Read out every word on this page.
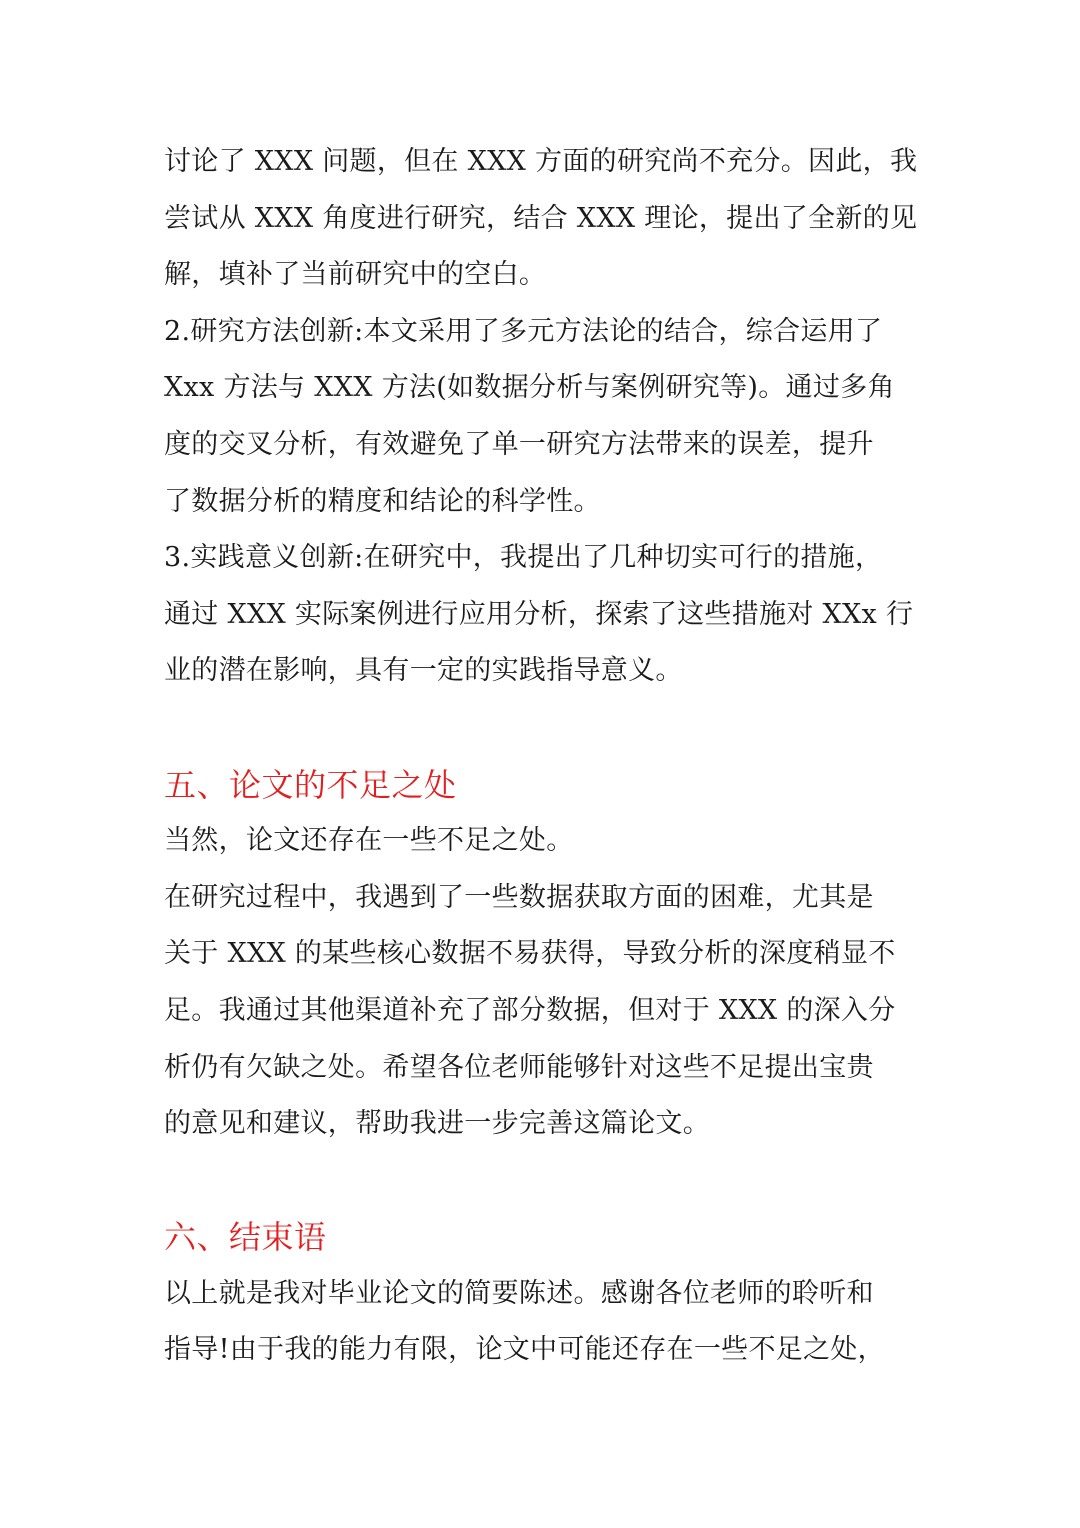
讨论了 XXX 问题，但在 XXX 方面的研究尚不充分。因此，我
尝试从 XXX 角度进行研究，结合 XXX 理论，提出了全新的见
解，填补了当前研究中的空白。
2.研究方法创新:本文采用了多元方法论的结合，综合运用了
Xxx 方法与 XXX 方法(如数据分析与案例研究等)。通过多角
度的交叉分析，有效避免了单一研究方法带来的误差，提升
了数据分析的精度和结论的科学性。
3.实践意义创新:在研究中，我提出了几种切实可行的措施，
通过 XXX 实际案例进行应用分析，探索了这些措施对 XXx 行
业的潜在影响，具有一定的实践指导意义。
五、论文的不足之处
当然，论文还存在一些不足之处。
在研究过程中，我遇到了一些数据获取方面的困难，尤其是
关于 XXX 的某些核心数据不易获得，导致分析的深度稍显不
足。我通过其他渠道补充了部分数据，但对于 XXX 的深入分
析仍有欠缺之处。希望各位老师能够针对这些不足提出宝贵
的意见和建议，帮助我进一步完善这篇论文。
六、结束语
以上就是我对毕业论文的简要陈述。感谢各位老师的聆听和
指导!由于我的能力有限，论文中可能还存在一些不足之处，
